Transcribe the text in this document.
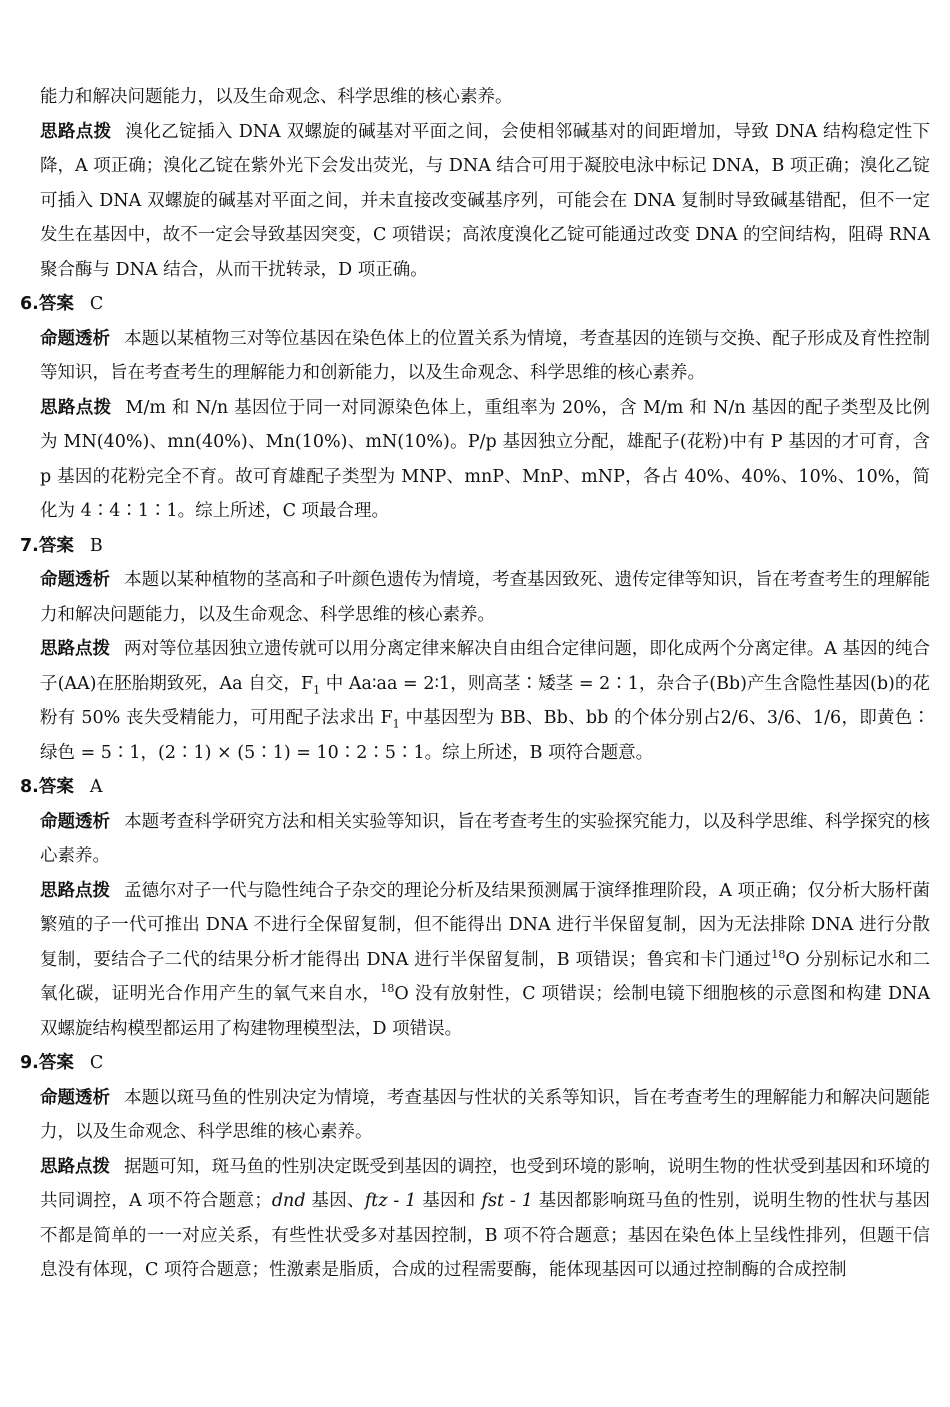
能力和解决问题能力，以及生命观念、科学思维的核心素养。

思路点拨 溴化乙锭插入 DNA 双螺旋的碱基对平面之间，会使相邻碱基对的间距增加，导致 DNA 结构稳定性下降，A 项正确；溴化乙锭在紫外光下会发出荧光，与 DNA 结合可用于凝胶电泳中标记 DNA，B 项正确；溴化乙锭可插入 DNA 双螺旋的碱基对平面之间，并未直接改变碱基序列，可能会在 DNA 复制时导致碱基错配，但不一定发生在基因中，故不一定会导致基因突变，C 项错误；高浓度溴化乙锭可能通过改变 DNA 的空间结构，阻碍 RNA 聚合酶与 DNA 结合，从而干扰转录，D 项正确。

6.答案 C

命题透析 本题以某植物三对等位基因在染色体上的位置关系为情境，考查基因的连锁与交换、配子形成及育性控制等知识，旨在考查考生的理解能力和创新能力，以及生命观念、科学思维的核心素养。

思路点拨 M/m 和 N/n 基因位于同一对同源染色体上，重组率为 20%，含 M/m 和 N/n 基因的配子类型及比例为 MN(40%)、mn(40%)、Mn(10%)、mN(10%)。P/p 基因独立分配，雄配子(花粉)中有 P 基因的才可育，含 p 基因的花粉完全不育。故可育雄配子类型为 MNP、mnP、MnP、mNP，各占 40%、40%、10%、10%，简化为 4∶4∶1∶1。综上所述，C 项最合理。

7.答案 B

命题透析 本题以某种植物的茎高和子叶颜色遗传为情境，考查基因致死、遗传定律等知识，旨在考查考生的理解能力和解决问题能力，以及生命观念、科学思维的核心素养。

思路点拨 两对等位基因独立遗传就可以用分离定律来解决自由组合定律问题，即化成两个分离定律。A 基因的纯合子(AA)在胚胎期致死，Aa 自交，$F_1$ 中 Aa∶aa = 2∶1，则高茎∶矮茎 = 2∶1，杂合子(Bb)产生含隐性基因(b)的花粉有 50% 丧失受精能力，可用配子法求出 $F_1$ 中基因型为 BB、Bb、bb 的个体分别占2/6、3/6、1/6，即黄色∶绿色 = 5∶1，(2∶1) × (5∶1) = 10∶2∶5∶1。综上所述，B 项符合题意。

8.答案 A

命题透析 本题考查科学研究方法和相关实验等知识，旨在考查考生的实验探究能力，以及科学思维、科学探究的核心素养。

思路点拨 孟德尔对子一代与隐性纯合子杂交的理论分析及结果预测属于演绎推理阶段，A 项正确；仅分析大肠杆菌繁殖的子一代可推出 DNA 不进行全保留复制，但不能得出 DNA 进行半保留复制，因为无法排除 DNA 进行分散复制，要结合子二代的结果分析才能得出 DNA 进行半保留复制，B 项错误；鲁宾和卡门通过$^{18}$O 分别标记水和二氧化碳，证明光合作用产生的氧气来自水，$^{18}$O 没有放射性，C 项错误；绘制电镜下细胞核的示意图和构建 DNA 双螺旋结构模型都运用了构建物理模型法，D 项错误。

9.答案 C

命题透析 本题以斑马鱼的性别决定为情境，考查基因与性状的关系等知识，旨在考查考生的理解能力和解决问题能力，以及生命观念、科学思维的核心素养。

思路点拨 据题可知，斑马鱼的性别决定既受到基因的调控，也受到环境的影响，说明生物的性状受到基因和环境的共同调控，A 项不符合题意；dnd 基因、ftz - 1 基因和 fst - 1 基因都影响斑马鱼的性别，说明生物的性状与基因不都是简单的一一对应关系，有些性状受多对基因控制，B 项不符合题意；基因在染色体上呈线性排列，但题干信息没有体现，C 项符合题意；性激素是脂质，合成的过程需要酶，能体现基因可以通过控制酶的合成控制
